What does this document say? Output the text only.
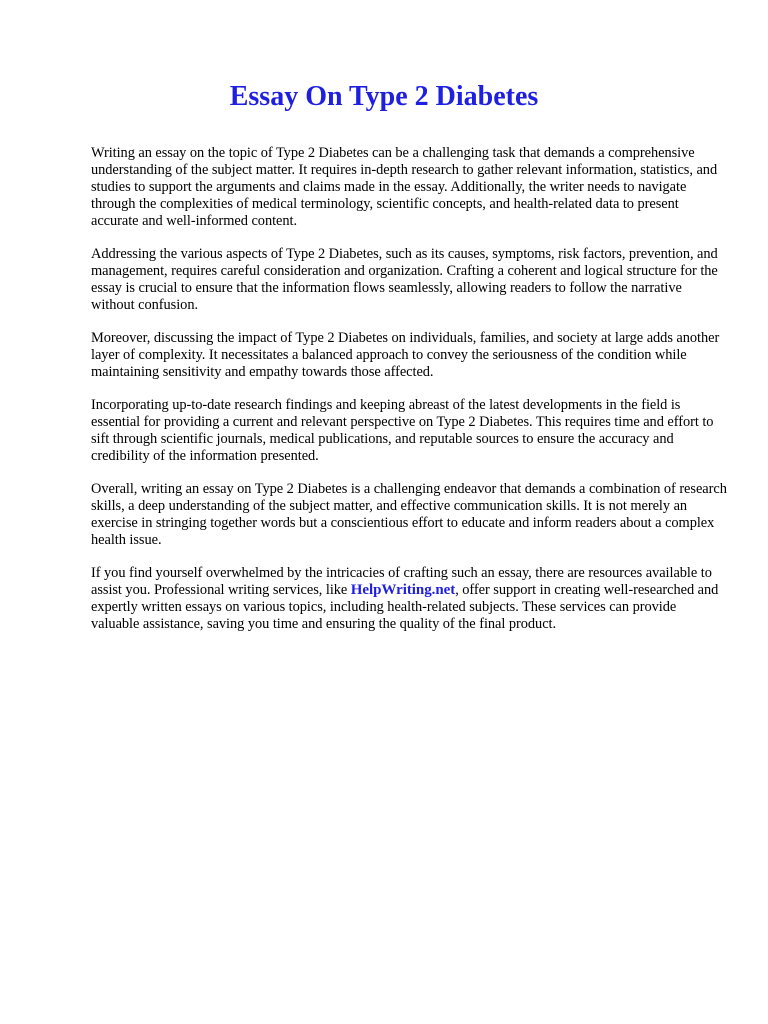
Essay On Type 2 Diabetes

Writing an essay on the topic of Type 2 Diabetes can be a challenging task that demands a comprehensive understanding of the subject matter. It requires in-depth research to gather relevant information, statistics, and studies to support the arguments and claims made in the essay. Additionally, the writer needs to navigate through the complexities of medical terminology, scientific concepts, and health-related data to present accurate and well-informed content.

Addressing the various aspects of Type 2 Diabetes, such as its causes, symptoms, risk factors, prevention, and management, requires careful consideration and organization. Crafting a coherent and logical structure for the essay is crucial to ensure that the information flows seamlessly, allowing readers to follow the narrative without confusion.

Moreover, discussing the impact of Type 2 Diabetes on individuals, families, and society at large adds another layer of complexity. It necessitates a balanced approach to convey the seriousness of the condition while maintaining sensitivity and empathy towards those affected.

Incorporating up-to-date research findings and keeping abreast of the latest developments in the field is essential for providing a current and relevant perspective on Type 2 Diabetes. This requires time and effort to sift through scientific journals, medical publications, and reputable sources to ensure the accuracy and credibility of the information presented.

Overall, writing an essay on Type 2 Diabetes is a challenging endeavor that demands a combination of research skills, a deep understanding of the subject matter, and effective communication skills. It is not merely an exercise in stringing together words but a conscientious effort to educate and inform readers about a complex health issue.

If you find yourself overwhelmed by the intricacies of crafting such an essay, there are resources available to assist you. Professional writing services, like HelpWriting.net, offer support in creating well-researched and expertly written essays on various topics, including health-related subjects. These services can provide valuable assistance, saving you time and ensuring the quality of the final product.
